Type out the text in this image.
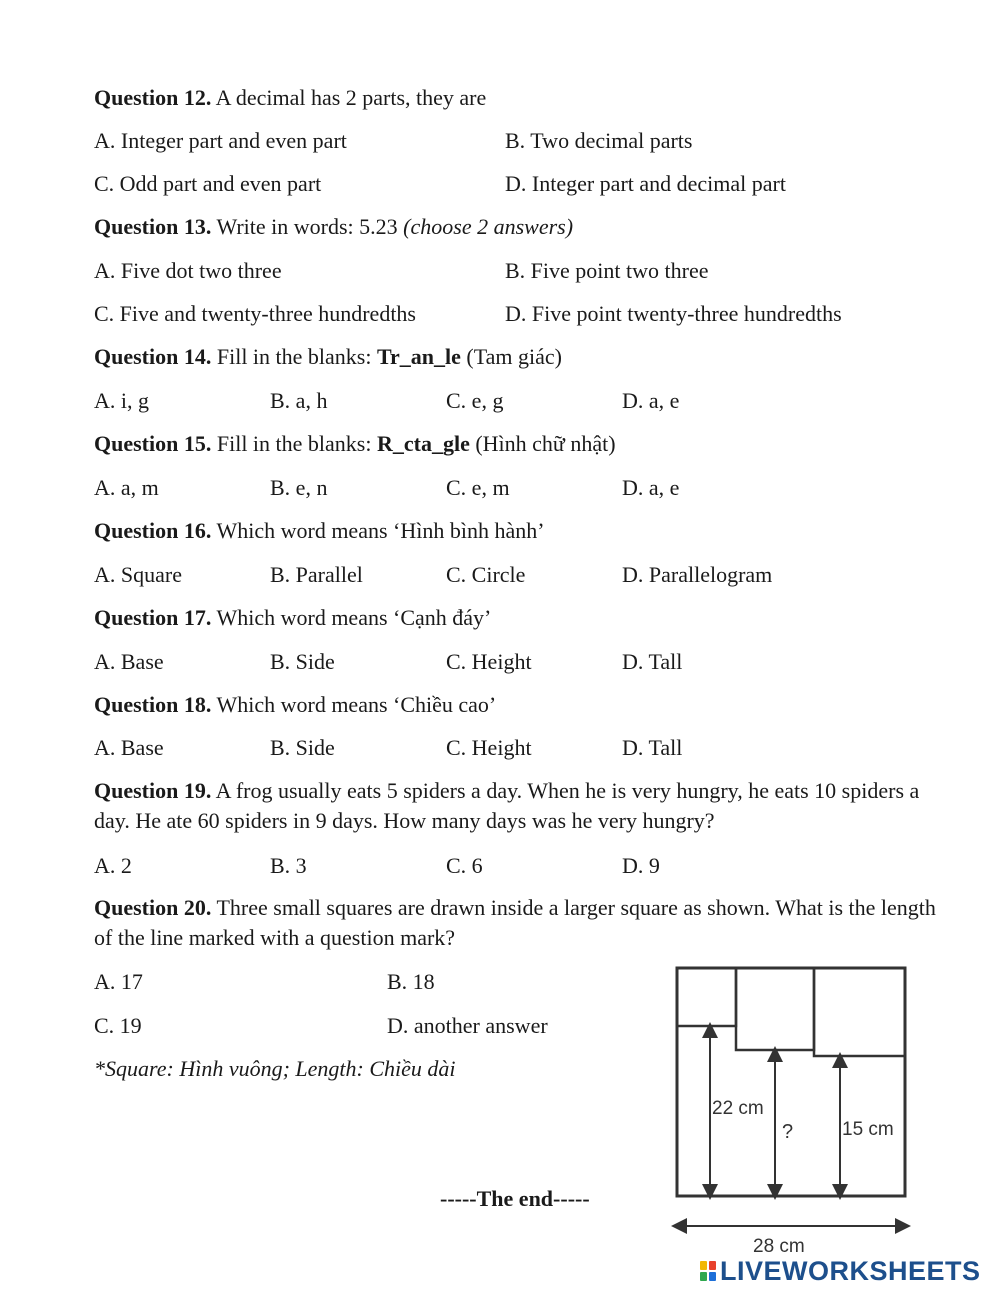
Question 12. A decimal has 2 parts, they are
A. Integer part and even part	B. Two decimal parts
C. Odd part and even part	D. Integer part and decimal part
Question 13. Write in words: 5.23 (choose 2 answers)
A. Five dot two three	B. Five point two three
C. Five and twenty-three hundredths	D. Five point twenty-three hundredths
Question 14. Fill in the blanks: Tr_an_le (Tam giác)
A. i, g	B. a, h	C. e, g	D. a, e
Question 15. Fill in the blanks: R_cta_gle (Hình chữ nhật)
A. a, m	B. e, n	C. e, m	D. a, e
Question 16. Which word means ‘Hình bình hành’
A. Square	B. Parallel	C. Circle	D. Parallelogram
Question 17. Which word means ‘Cạnh đáy’
A. Base	B. Side	C. Height	D. Tall
Question 18. Which word means ‘Chiều cao’
A. Base	B. Side	C. Height	D. Tall
Question 19. A frog usually eats 5 spiders a day. When he is very hungry, he eats 10 spiders a day. He ate 60 spiders in 9 days. How many days was he very hungry?
A. 2	B. 3	C. 6	D. 9
Question 20. Three small squares are drawn inside a larger square as shown. What is the length of the line marked with a question mark?
A. 17	B. 18
C. 19	D. another answer
*Square: Hình vuông; Length: Chiều dài
-----The end-----
22 cm
?	15 cm
28 cm
LIVEWORKSHEETS
